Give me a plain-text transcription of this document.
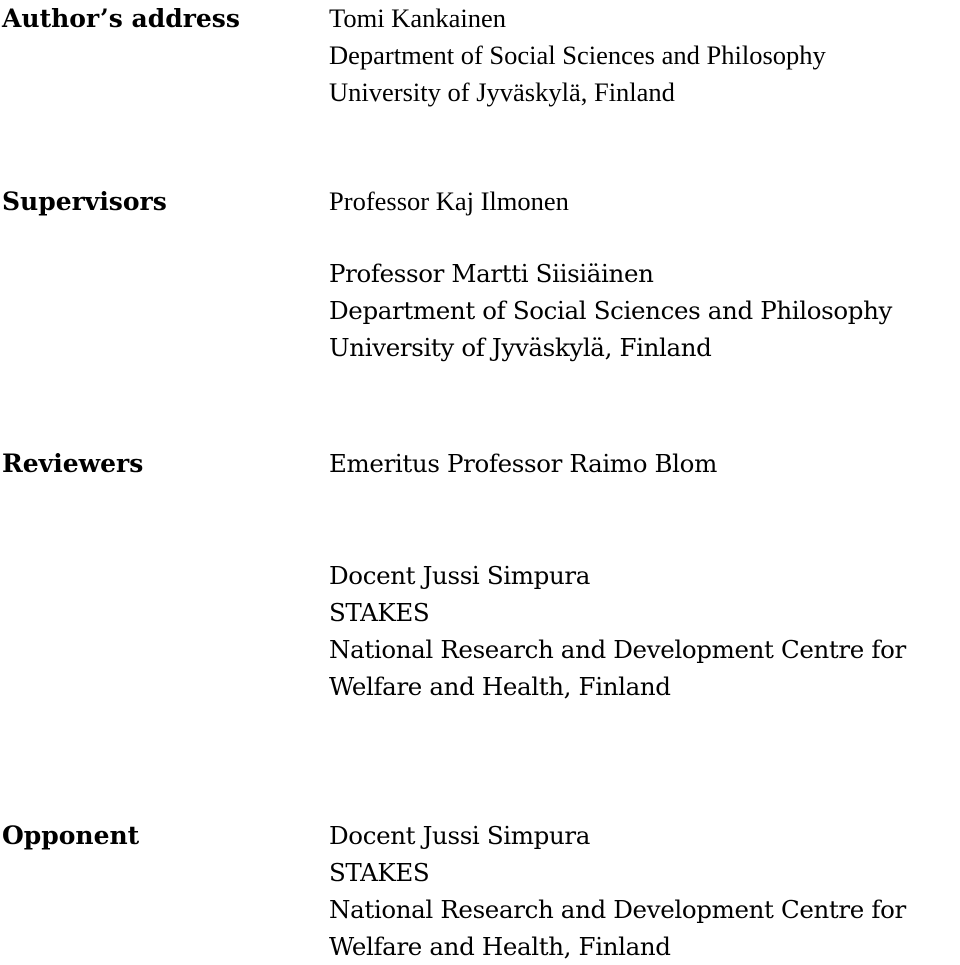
Author’s address	Tomi Kankainen
Department of Social Sciences and Philosophy
University of Jyväskylä, Finland
Supervisors	Professor Kaj Ilmonen
Professor Martti Siisiäinen
Department of Social Sciences and Philosophy
University of Jyväskylä, Finland
Reviewers	Emeritus Professor Raimo Blom
Docent Jussi Simpura
STAKES
National Research and Development Centre for
Welfare and Health, Finland
Opponent	Docent Jussi Simpura
STAKES
National Research and Development Centre for
Welfare and Health, Finland
